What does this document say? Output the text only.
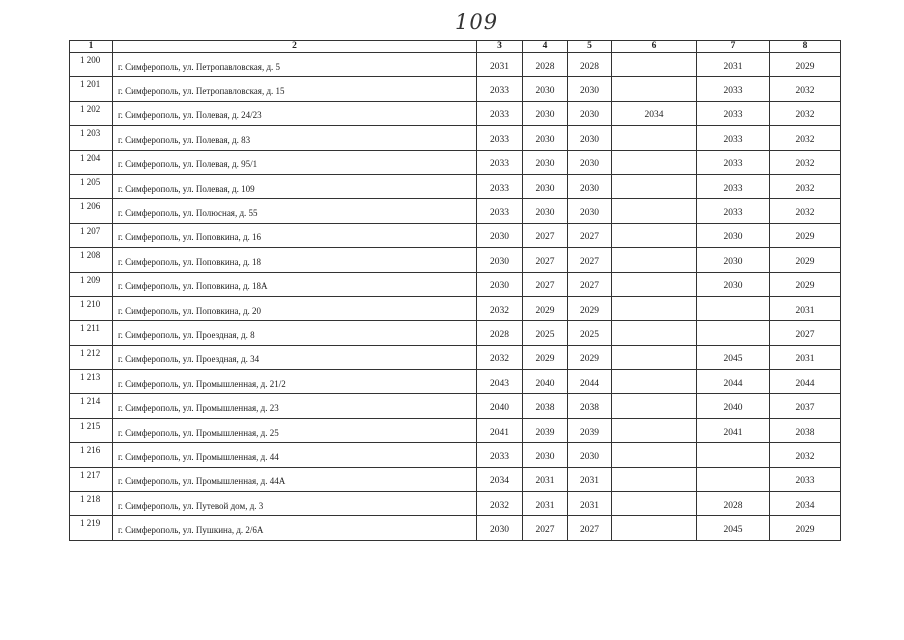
109
1	2	3	4	5	6	7	8
1 200	г. Симферополь, ул. Петропавловская, д. 5	2031	2028	2028		2031	2029
1 201	г. Симферополь, ул. Петропавловская, д. 15	2033	2030	2030		2033	2032
1 202	г. Симферополь, ул. Полевая, д. 24/23	2033	2030	2030	2034	2033	2032
1 203	г. Симферополь, ул. Полевая, д. 83	2033	2030	2030		2033	2032
1 204	г. Симферополь, ул. Полевая, д. 95/1	2033	2030	2030		2033	2032
1 205	г. Симферополь, ул. Полевая, д. 109	2033	2030	2030		2033	2032
1 206	г. Симферополь, ул. Полюсная, д. 55	2033	2030	2030		2033	2032
1 207	г. Симферополь, ул. Поповкина, д. 16	2030	2027	2027		2030	2029
1 208	г. Симферополь, ул. Поповкина, д. 18	2030	2027	2027		2030	2029
1 209	г. Симферополь, ул. Поповкина, д. 18А	2030	2027	2027		2030	2029
1 210	г. Симферополь, ул. Поповкина, д. 20	2032	2029	2029			2031
1 211	г. Симферополь, ул. Проездная, д. 8	2028	2025	2025			2027
1 212	г. Симферополь, ул. Проездная, д. 34	2032	2029	2029		2045	2031
1 213	г. Симферополь, ул. Промышленная, д. 21/2	2043	2040	2044		2044	2044
1 214	г. Симферополь, ул. Промышленная, д. 23	2040	2038	2038		2040	2037
1 215	г. Симферополь, ул. Промышленная, д. 25	2041	2039	2039		2041	2038
1 216	г. Симферополь, ул. Промышленная, д. 44	2033	2030	2030			2032
1 217	г. Симферополь, ул. Промышленная, д. 44А	2034	2031	2031			2033
1 218	г. Симферополь, ул. Путевой дом, д. 3	2032	2031	2031		2028	2034
1 219	г. Симферополь, ул. Пушкина, д. 2/6А	2030	2027	2027		2045	2029
